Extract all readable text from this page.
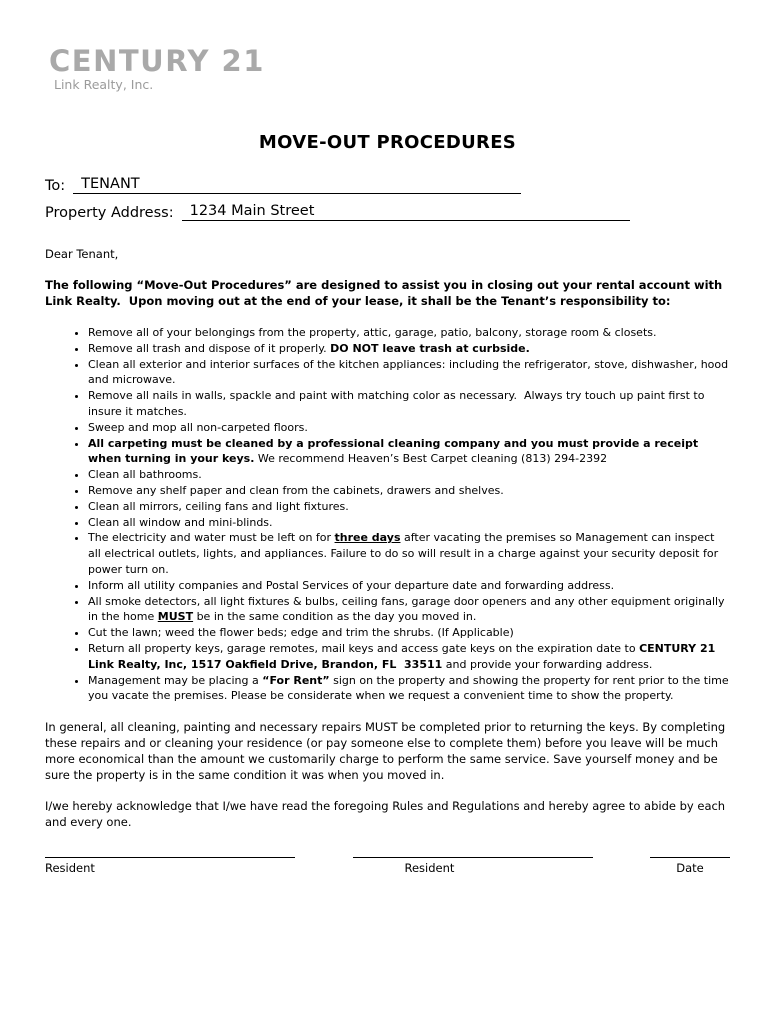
CENTURY 21
Link Realty, Inc.
MOVE-OUT PROCEDURES
To:	TENANT
Property Address:	1234 Main Street
Dear Tenant,
The following “Move-Out Procedures” are designed to assist you in closing out your rental account with Link Realty.  Upon moving out at the end of your lease, it shall be the Tenant’s responsibility to:
• Remove all of your belongings from the property, attic, garage, patio, balcony, storage room & closets.
• Remove all trash and dispose of it properly. DO NOT leave trash at curbside.
• Clean all exterior and interior surfaces of the kitchen appliances: including the refrigerator, stove, dishwasher, hood and microwave.
• Remove all nails in walls, spackle and paint with matching color as necessary.  Always try touch up paint first to insure it matches.
• Sweep and mop all non-carpeted floors.
• All carpeting must be cleaned by a professional cleaning company and you must provide a receipt when turning in your keys. We recommend Heaven’s Best Carpet cleaning (813) 294-2392
• Clean all bathrooms.
• Remove any shelf paper and clean from the cabinets, drawers and shelves.
• Clean all mirrors, ceiling fans and light fixtures.
• Clean all window and mini-blinds.
• The electricity and water must be left on for three days after vacating the premises so Management can inspect all electrical outlets, lights, and appliances. Failure to do so will result in a charge against your security deposit for power turn on.
• Inform all utility companies and Postal Services of your departure date and forwarding address.
• All smoke detectors, all light fixtures & bulbs, ceiling fans, garage door openers and any other equipment originally in the home MUST be in the same condition as the day you moved in.
• Cut the lawn; weed the flower beds; edge and trim the shrubs. (If Applicable)
• Return all property keys, garage remotes, mail keys and access gate keys on the expiration date to CENTURY 21 Link Realty, Inc, 1517 Oakfield Drive, Brandon, FL  33511 and provide your forwarding address.
• Management may be placing a “For Rent” sign on the property and showing the property for rent prior to the time you vacate the premises. Please be considerate when we request a convenient time to show the property.

In general, all cleaning, painting and necessary repairs MUST be completed prior to returning the keys. By completing these repairs and or cleaning your residence (or pay someone else to complete them) before you leave will be much more economical than the amount we customarily charge to perform the same service. Save yourself money and be sure the property is in the same condition it was when you moved in.

I/we hereby acknowledge that I/we have read the foregoing Rules and Regulations and hereby agree to abide by each and every one.

Resident	Resident	Date
